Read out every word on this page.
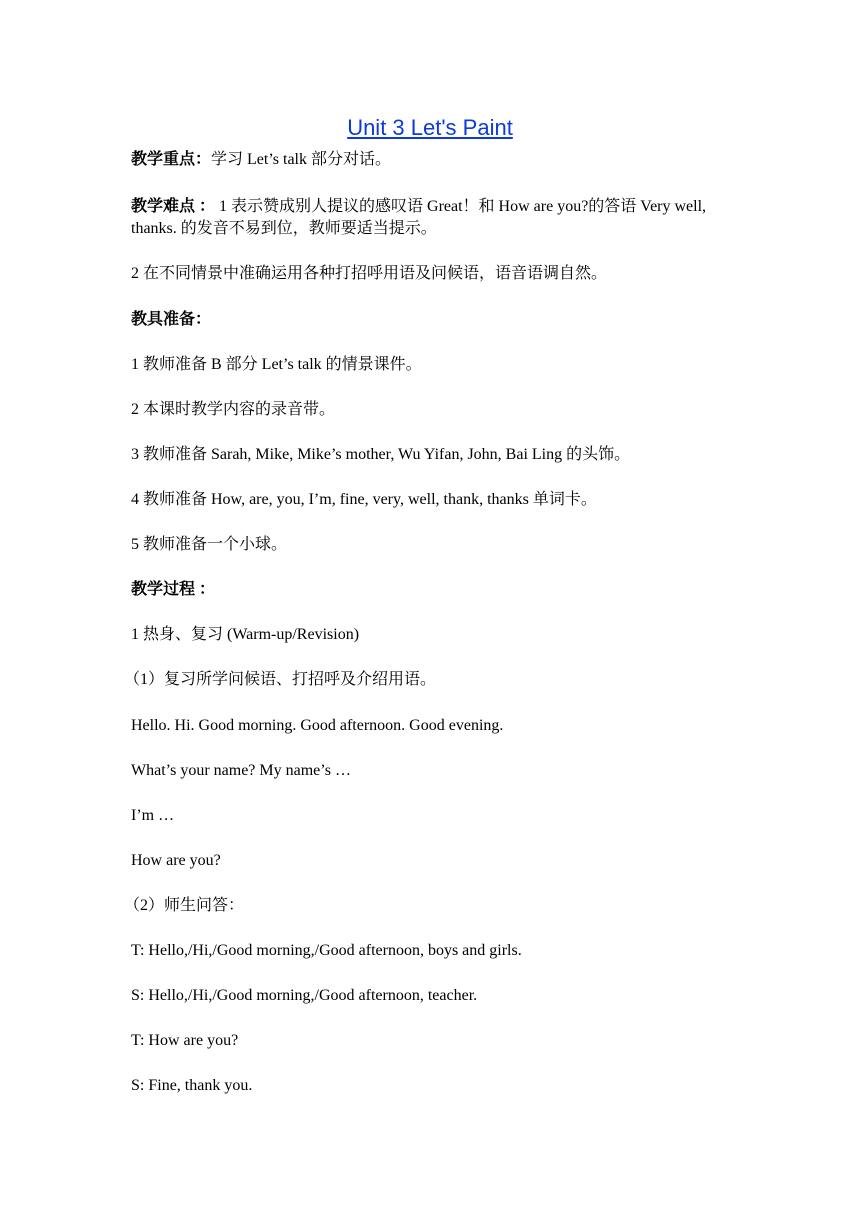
Unit 3 Let's Paint
教学重点：学习 Let’s talk 部分对话。
教学难点 ： 1 表示赞成别人提议的感叹语 Great！和 How are you?的答语 Very well, thanks. 的发音不易到位，教师要适当提示。
2 在不同情景中准确运用各种打招呼用语及问候语，语音语调自然。
教具准备：
1 教师准备 B 部分 Let’s talk 的情景课件。
2 本课时教学内容的录音带。
3 教师准备 Sarah, Mike, Mike’s mother, Wu Yifan, John, Bai Ling 的头饰。
4 教师准备 How, are, you, I’m, fine, very, well, thank, thanks 单词卡。
5 教师准备一个小球。
教学过程 ：
1 热身、复习 (Warm-up/Revision)
（1）复习所学问候语、打招呼及介绍用语。
Hello. Hi. Good morning. Good afternoon. Good evening.
What’s your name? My name’s …
I’m …
How are you?
（2）师生问答：
T: Hello,/Hi,/Good morning,/Good afternoon, boys and girls.
S: Hello,/Hi,/Good morning,/Good afternoon, teacher.
T: How are you?
S: Fine, thank you.
